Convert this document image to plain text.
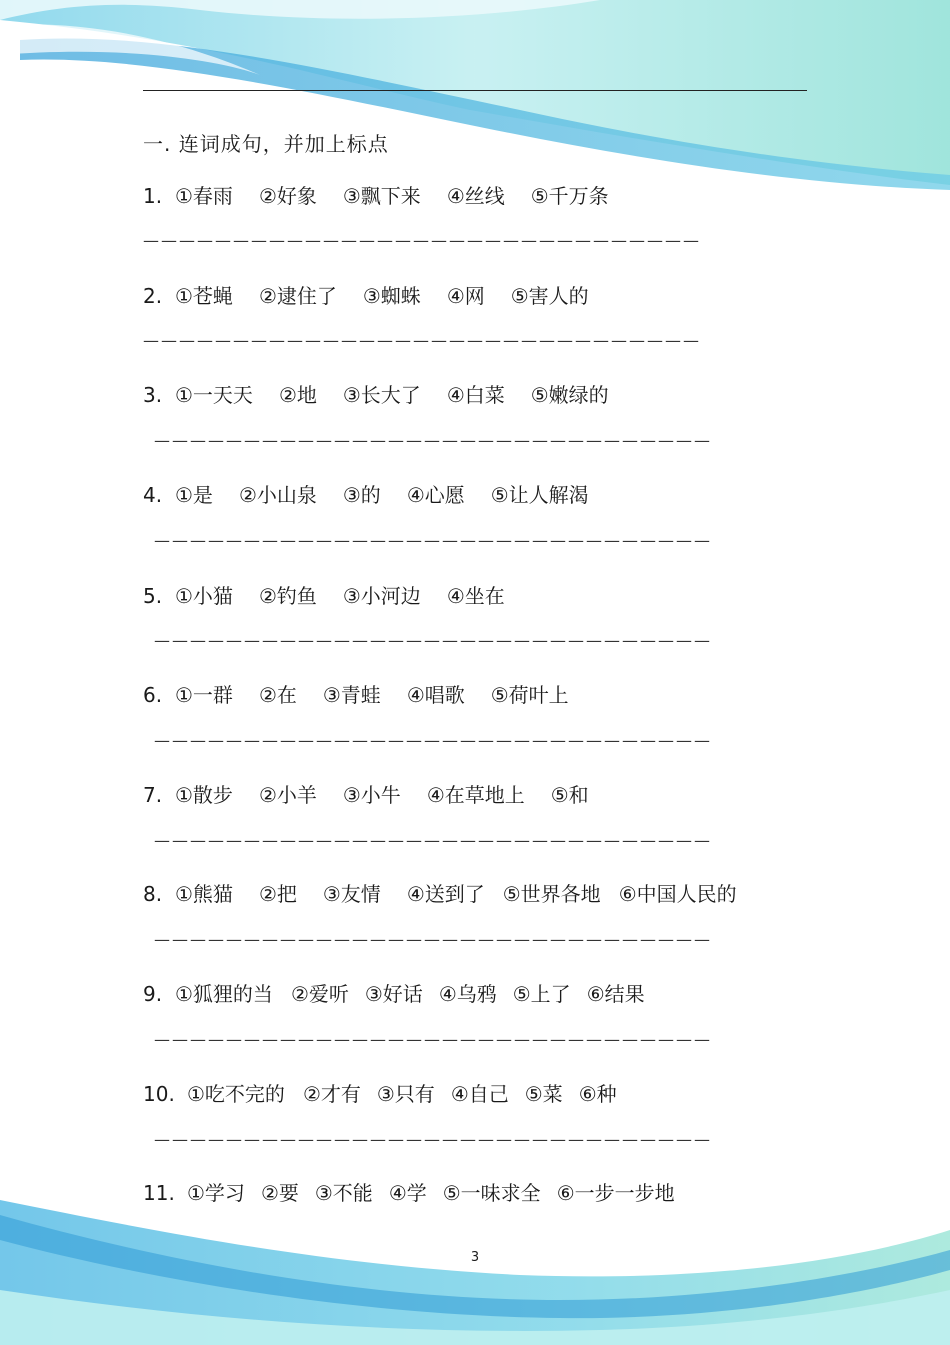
一. 连词成句，并加上标点
1. ①春雨 ②好象 ③飘下来 ④丝线 ⑤千万条
———————————————————————————————
2. ①苍蝇 ②逮住了 ③蜘蛛 ④网 ⑤害人的
———————————————————————————————
3. ①一天天 ②地 ③长大了 ④白菜 ⑤嫩绿的
———————————————————————————————
4. ①是 ②小山泉 ③的 ④心愿 ⑤让人解渴
———————————————————————————————
5. ①小猫 ②钓鱼 ③小河边 ④坐在
———————————————————————————————
6. ①一群 ②在 ③青蛙 ④唱歌 ⑤荷叶上
———————————————————————————————
7. ①散步 ②小羊 ③小牛 ④在草地上 ⑤和
———————————————————————————————
8. ①熊猫 ②把 ③友情 ④送到了 ⑤世界各地 ⑥中国人民的
———————————————————————————————
9. ①狐狸的当 ②爱听 ③好话 ④乌鸦 ⑤上了 ⑥结果
———————————————————————————————
10. ①吃不完的 ②才有 ③只有 ④自己 ⑤菜 ⑥种
———————————————————————————————
11. ①学习 ②要 ③不能 ④学 ⑤一味求全 ⑥一步一步地
3
